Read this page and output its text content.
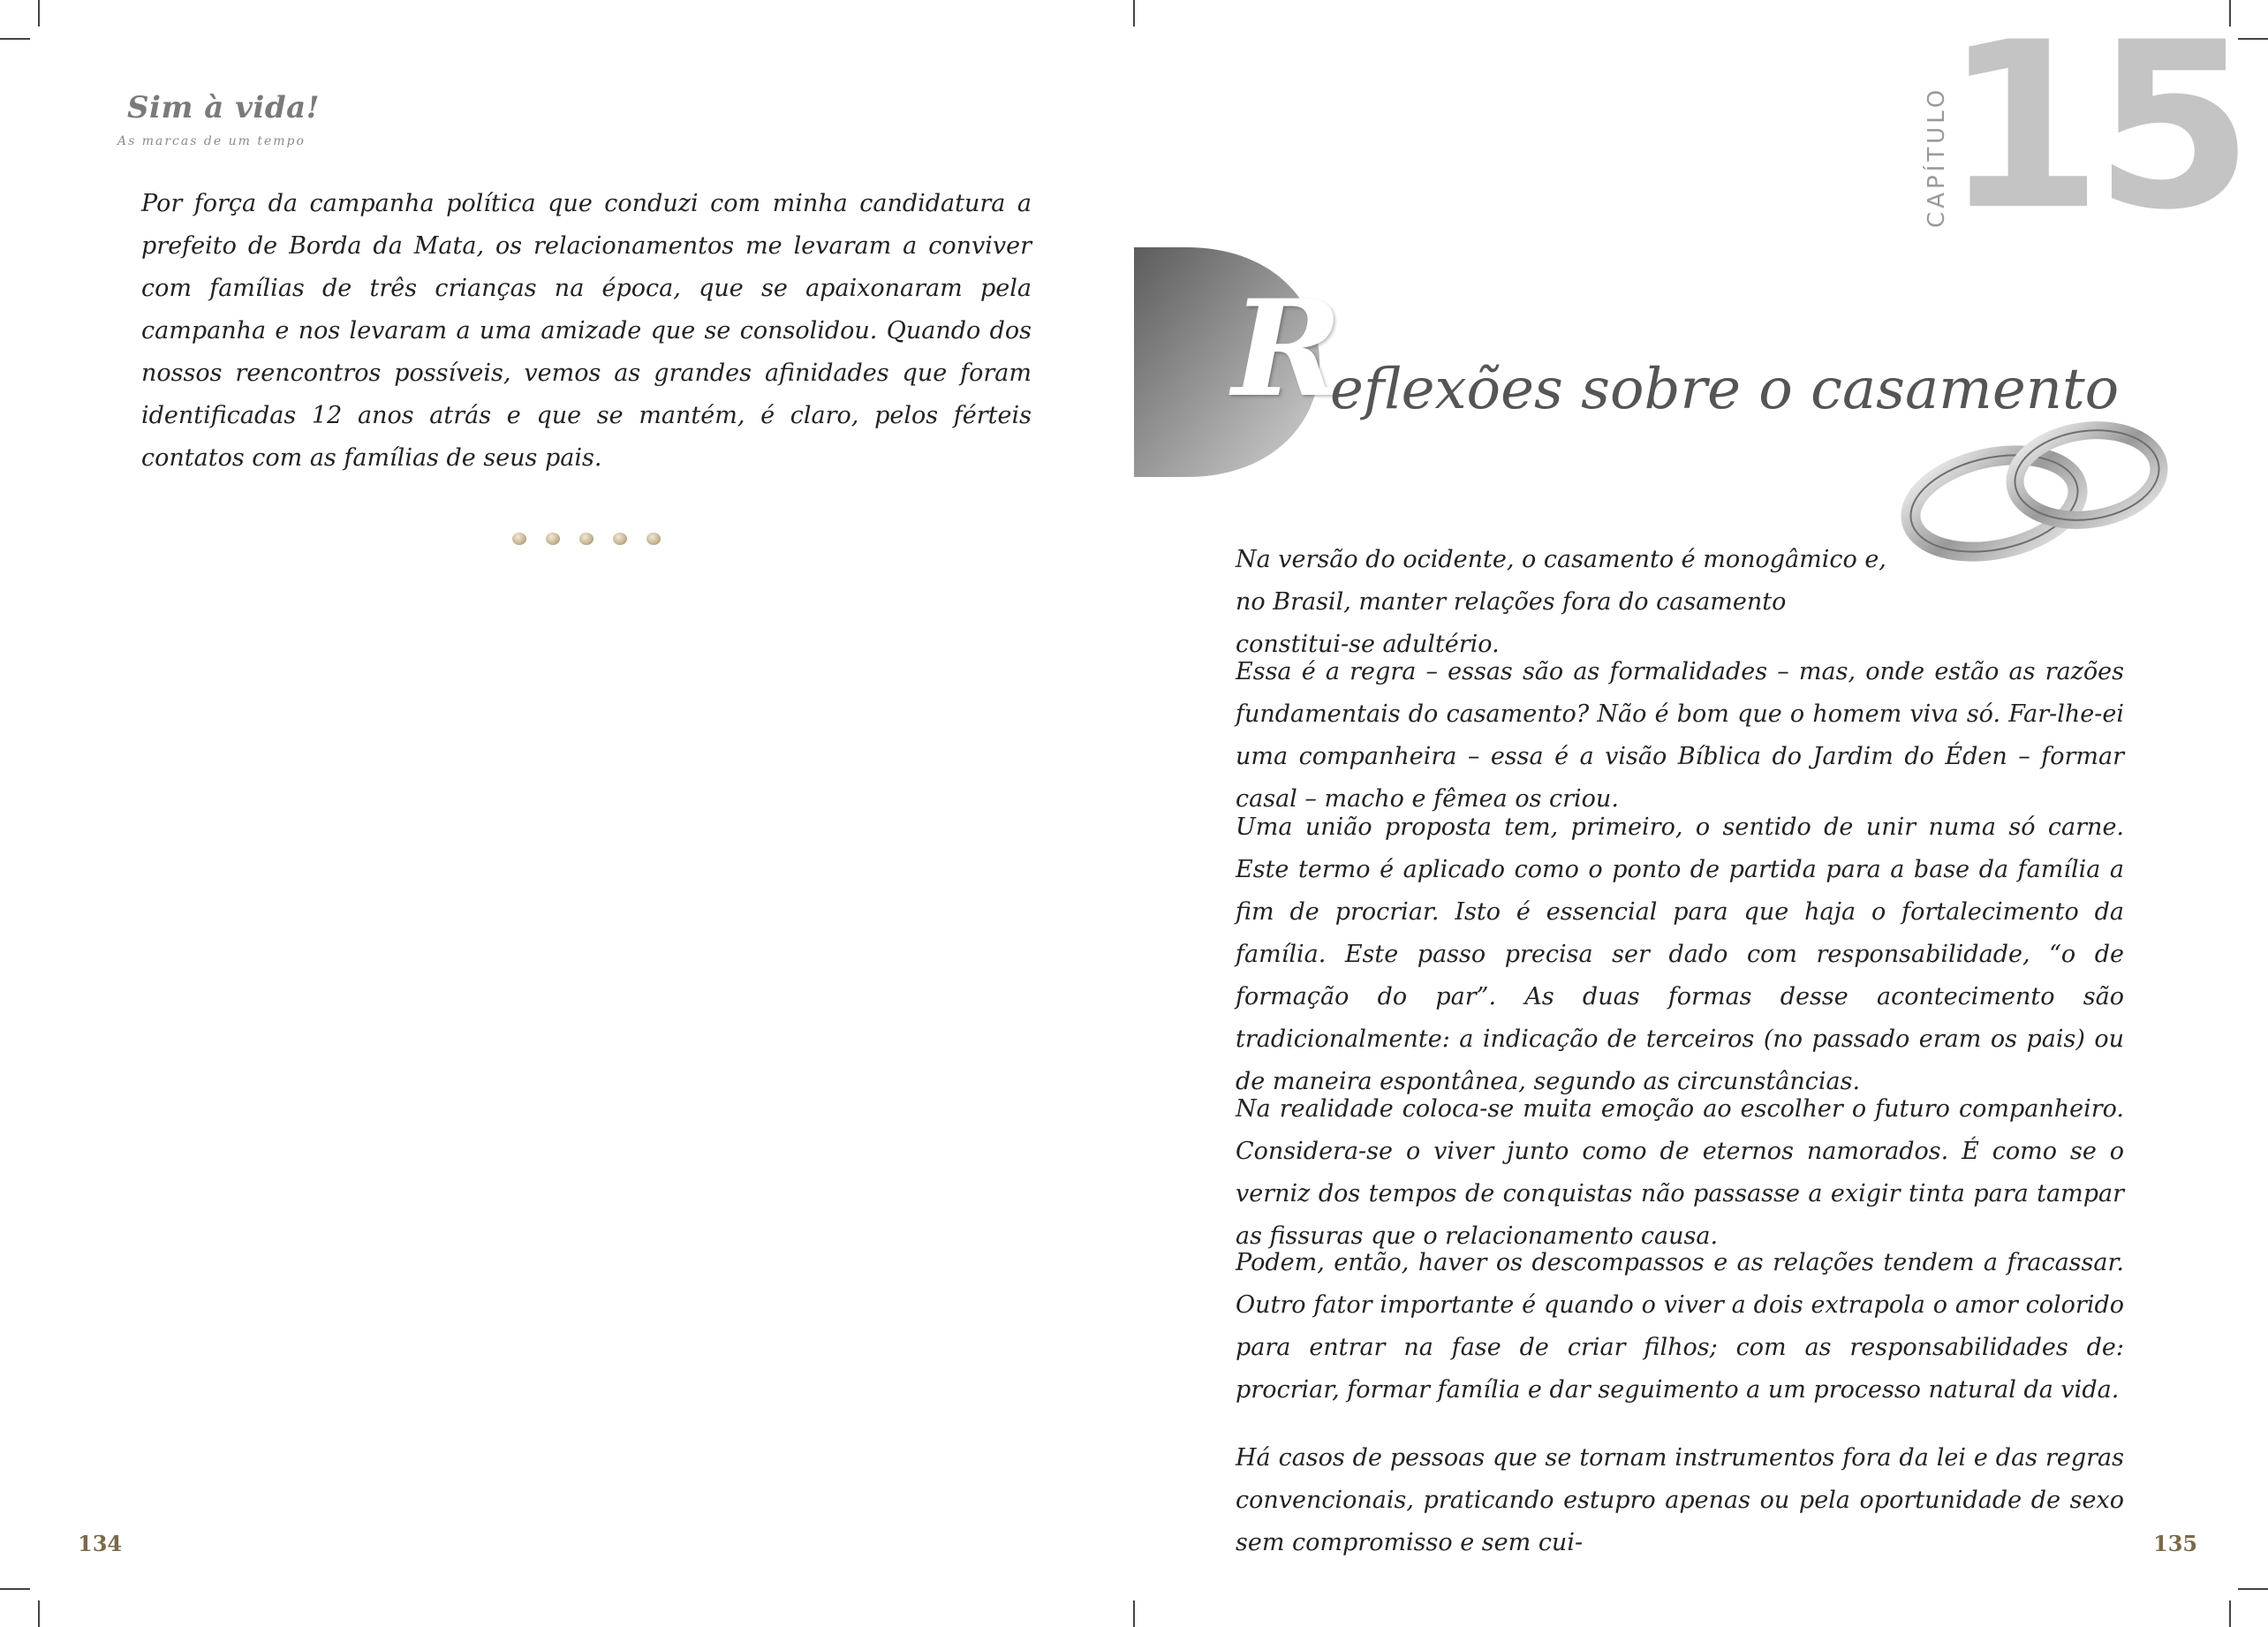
Sim à vida!
As marcas de um tempo

Por força da campanha política que conduzi com minha candidatura a prefeito de Borda da Mata, os relacionamentos me levaram a conviver com famílias de três crianças na época, que se apaixonaram pela campanha e nos levaram a uma amizade que se consolidou. Quando dos nossos reencontros possíveis, vemos as grandes afinidades que foram identificadas 12 anos atrás e que se mantém, é claro, pelos férteis contatos com as famílias de seus pais.

134
CAPÍTULO
15
R
eflexões sobre o casamento

Na versão do ocidente, o casamento é monogâmico e, no Brasil, manter relações fora do casamento constitui-se adultério.

Essa é a regra – essas são as formalidades – mas, onde estão as razões fundamentais do casamento? Não é bom que o homem viva só. Far-lhe-ei uma companheira – essa é a visão Bíblica do Jardim do Éden – formar casal – macho e fêmea os criou.

Uma união proposta tem, primeiro, o sentido de unir numa só carne. Este termo é aplicado como o ponto de partida para a base da família a fim de procriar. Isto é essencial para que haja o fortalecimento da família. Este passo precisa ser dado com responsabilidade, “o de formação do par”. As duas formas desse acontecimento são tradicionalmente: a indicação de terceiros (no passado eram os pais) ou de maneira espontânea, segundo as circunstâncias.

Na realidade coloca-se muita emoção ao escolher o futuro companheiro. Considera-se o viver junto como de eternos namorados. É como se o verniz dos tempos de conquistas não passasse a exigir tinta para tampar as fissuras que o relacionamento causa.

Podem, então, haver os descompassos e as relações tendem a fracassar. Outro fator importante é quando o viver a dois extrapola o amor colorido para entrar na fase de criar filhos; com as responsabilidades de: procriar, formar família e dar seguimento a um processo natural da vida.

Há casos de pessoas que se tornam instrumentos fora da lei e das regras convencionais, praticando estupro apenas ou pela oportunidade de sexo sem compromisso e sem cui-	135
